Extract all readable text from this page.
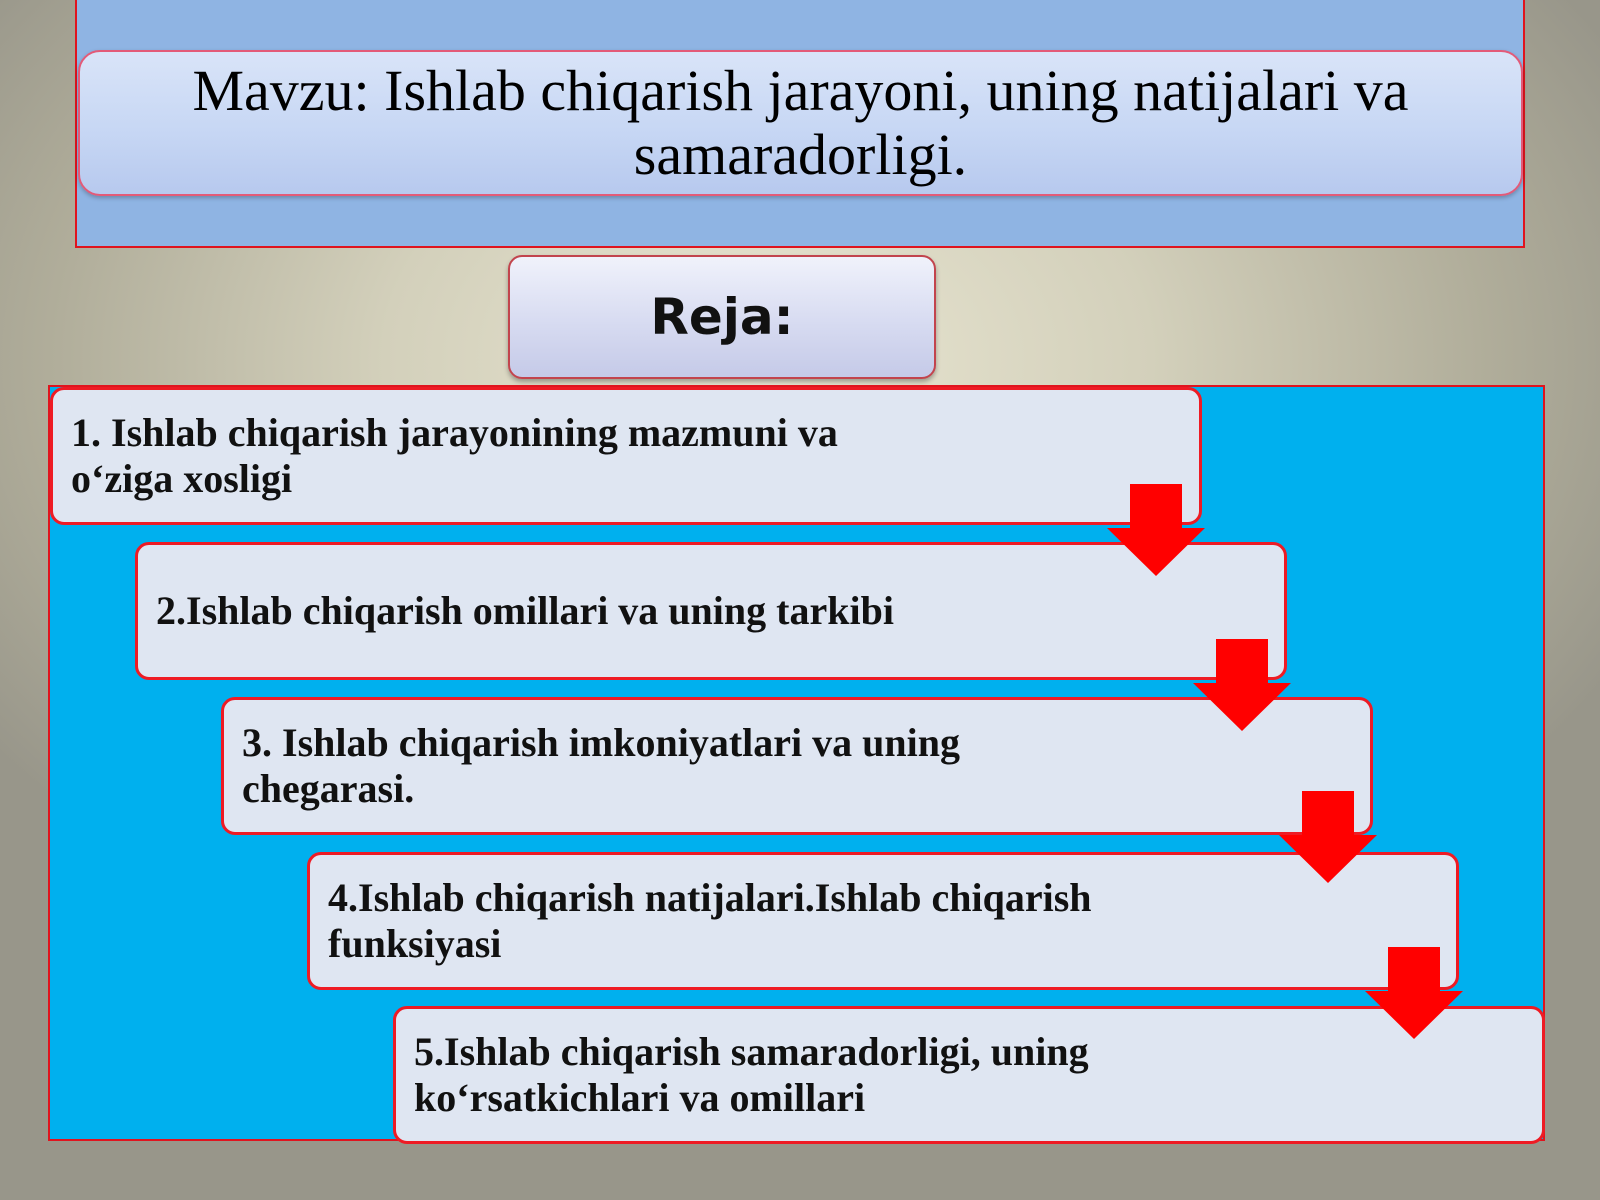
Mavzu: Ishlab chiqarish jarayoni, uning natijalari va samaradorligi.
Reja:
1. Ishlab chiqarish jarayonining mazmuni va o‘ziga xosligi
2.Ishlab chiqarish omillari va uning tarkibi
3. Ishlab chiqarish imkoniyatlari va uning chegarasi.
4.Ishlab chiqarish natijalari.Ishlab chiqarish funksiyasi
5.Ishlab chiqarish samaradorligi, uning ko‘rsatkichlari va omillari
